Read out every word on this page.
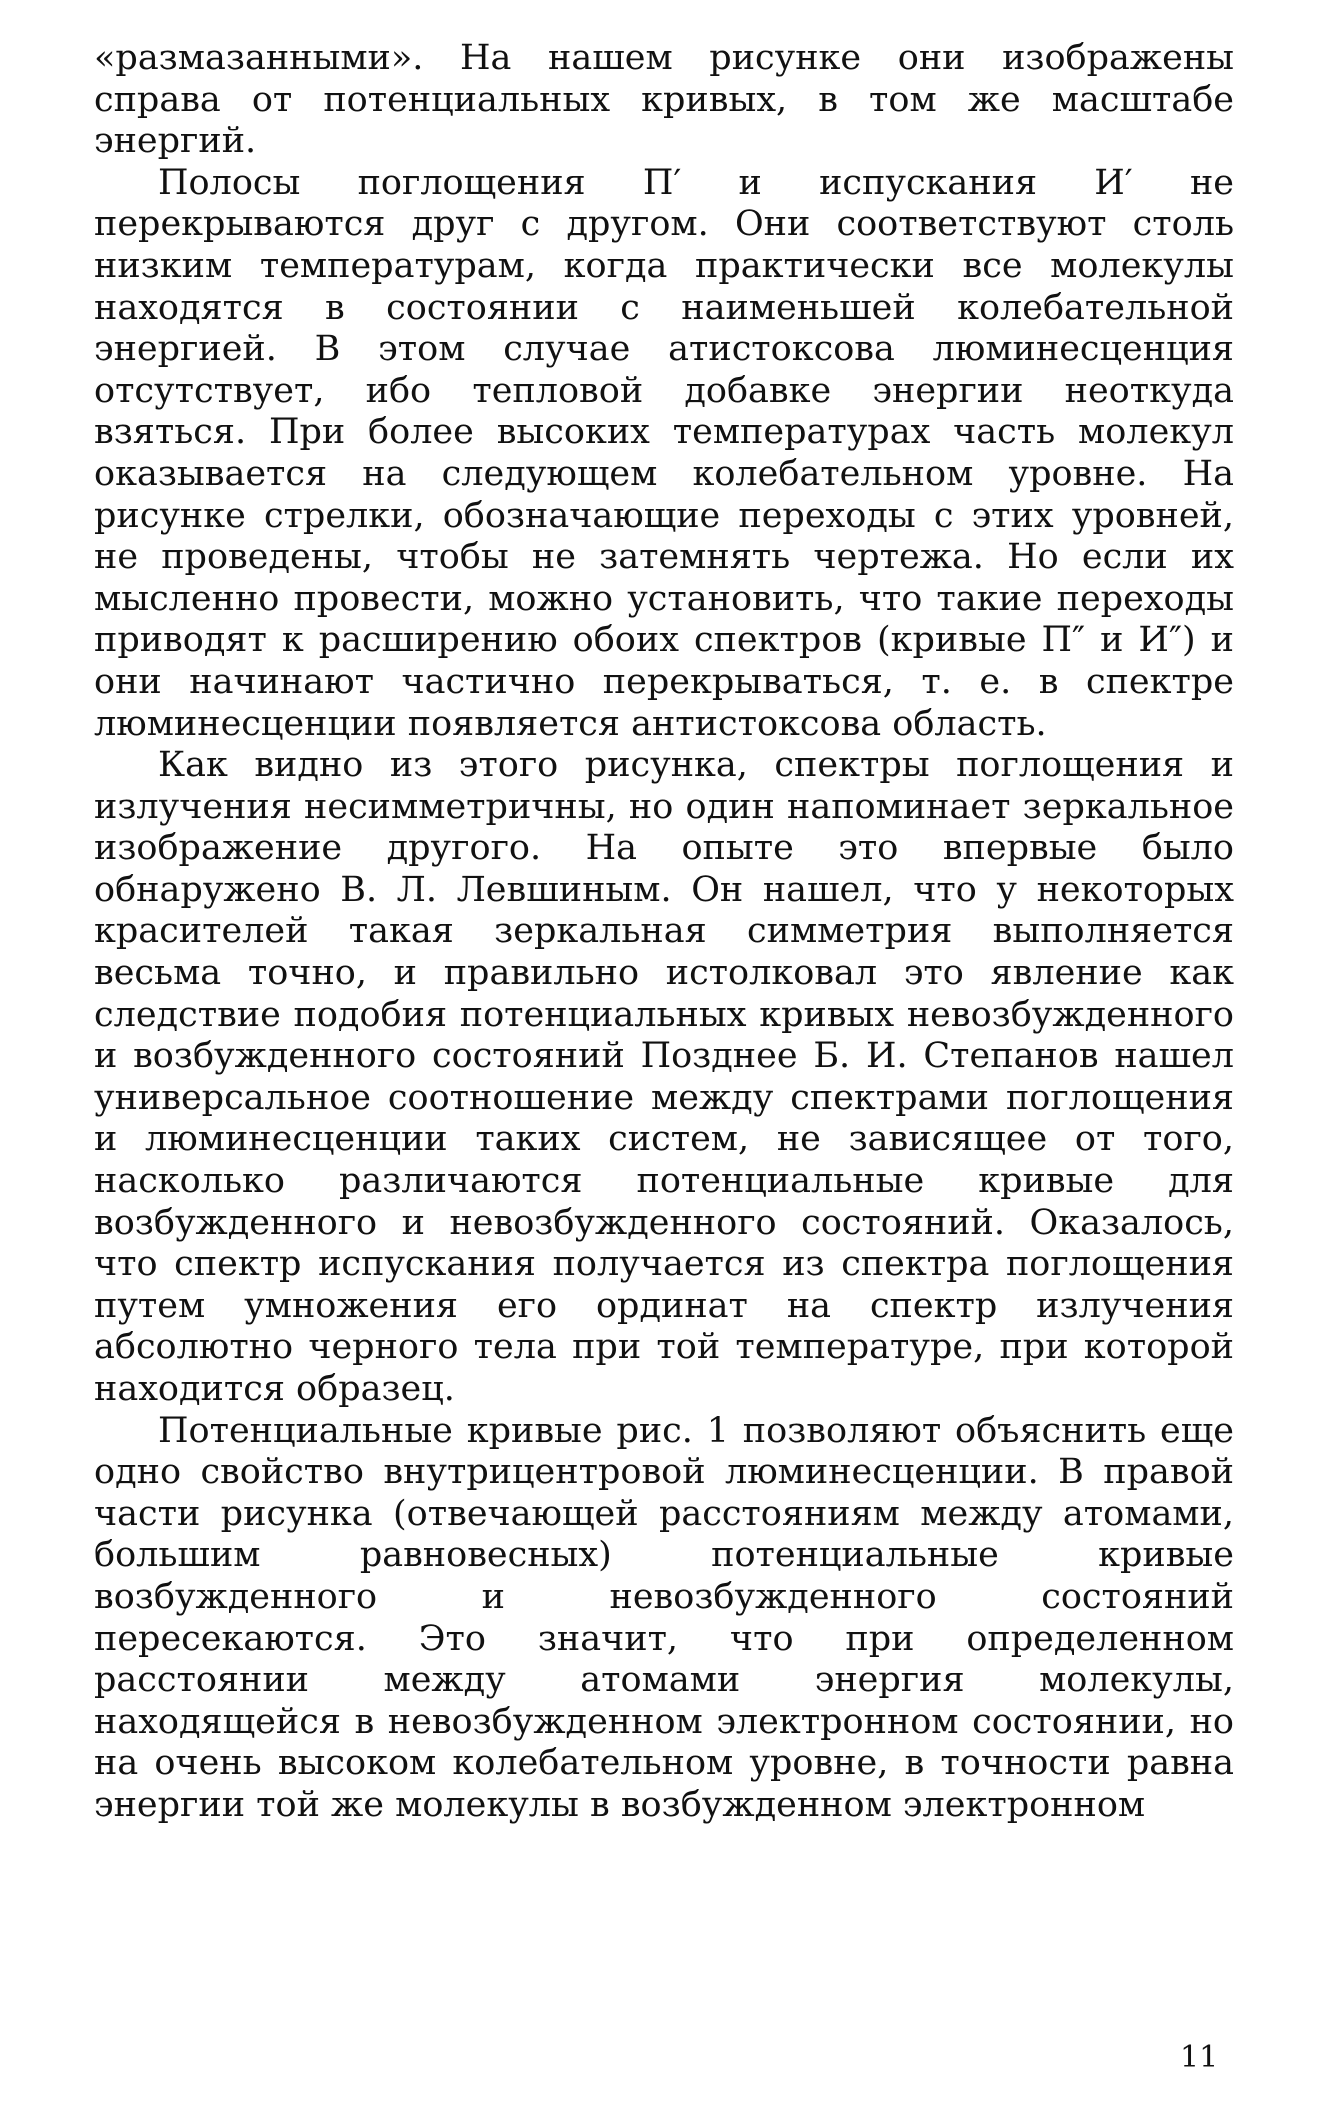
«размазанными». На нашем рисунке они изображены справа от потенциальных кривых, в том же масштабе энергий.

Полосы поглощения П′ и испускания И′ не перекрываются друг с другом. Они соответствуют столь низким температурам, когда практически все молекулы находятся в состоянии с наименьшей колебательной энергией. В этом случае атистоксова люминесценция отсутствует, ибо тепловой добавке энергии неоткуда взяться. При более высоких температурах часть молекул оказывается на следующем колебательном уровне. На рисунке стрелки, обозначающие переходы с этих уровней, не проведены, чтобы не затемнять чертежа. Но если их мысленно провести, можно установить, что такие переходы приводят к расширению обоих спектров (кривые П″ и И″) и они начинают частично перекрываться, т. е. в спектре люминесценции появляется антистоксова область.

Как видно из этого рисунка, спектры поглощения и излучения несимметричны, но один напоминает зеркальное изображение другого. На опыте это впервые было обнаружено В. Л. Левшиным. Он нашел, что у некоторых красителей такая зеркальная симметрия выполняется весьма точно, и правильно истолковал это явление как следствие подобия потенциальных кривых невозбужденного и возбужденного состояний Позднее Б. И. Степанов нашел универсальное соотношение между спектрами поглощения и люминесценции таких систем, не зависящее от того, насколько различаются потенциальные кривые для возбужденного и невозбужденного состояний. Оказалось, что спектр испускания получается из спектра поглощения путем умножения его ординат на спектр излучения абсолютно черного тела при той температуре, при которой находится образец.

Потенциальные кривые рис. 1 позволяют объяснить еще одно свойство внутрицентровой люминесценции. В правой части рисунка (отвечающей расстояниям между атомами, большим равновесных) потенциальные кривые возбужденного и невозбужденного состояний пересекаются. Это значит, что при определенном расстоянии между атомами энергия молекулы, находящейся в невозбужденном электронном состоянии, но на очень высоком колебательном уровне, в точности равна энергии той же молекулы в возбужденном электронном

11
